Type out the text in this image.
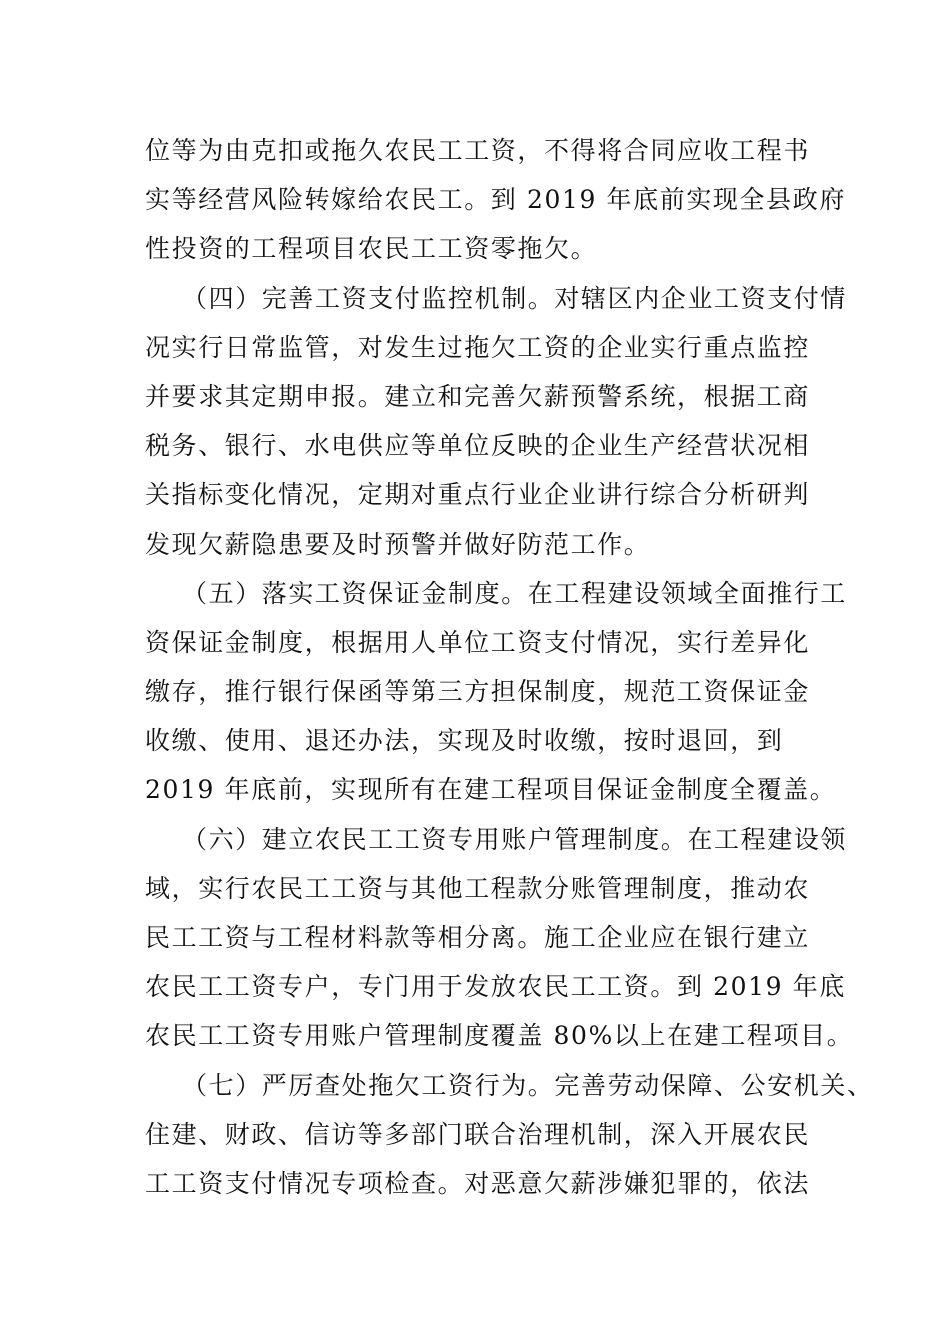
位等为由克扣或拖久农民工工资，不得将合同应收工程书
实等经营风险转嫁给农民工。到 2019 年底前实现全县政府
性投资的工程项目农民工工资零拖欠。
（四）完善工资支付监控机制。对辖区内企业工资支付情
况实行日常监管，对发生过拖欠工资的企业实行重点监控
并要求其定期申报。建立和完善欠薪预警系统，根据工商
税务、银行、水电供应等单位反映的企业生产经营状况相
关指标变化情况，定期对重点行业企业讲行综合分析研判
发现欠薪隐患要及时预警并做好防范工作。
（五）落实工资保证金制度。在工程建设领域全面推行工
资保证金制度，根据用人单位工资支付情况，实行差异化
缴存，推行银行保函等第三方担保制度，规范工资保证金
收缴、使用、退还办法，实现及时收缴，按时退回，到
2019 年底前，实现所有在建工程项目保证金制度全覆盖。
（六）建立农民工工资专用账户管理制度。在工程建设领
域，实行农民工工资与其他工程款分账管理制度，推动农
民工工资与工程材料款等相分离。施工企业应在银行建立
农民工工资专户，专门用于发放农民工工资。到 2019 年底
农民工工资专用账户管理制度覆盖 80%以上在建工程项目。
（七）严厉查处拖欠工资行为。完善劳动保障、公安机关、
住建、财政、信访等多部门联合治理机制，深入开展农民
工工资支付情况专项检查。对恶意欠薪涉嫌犯罪的，依法
